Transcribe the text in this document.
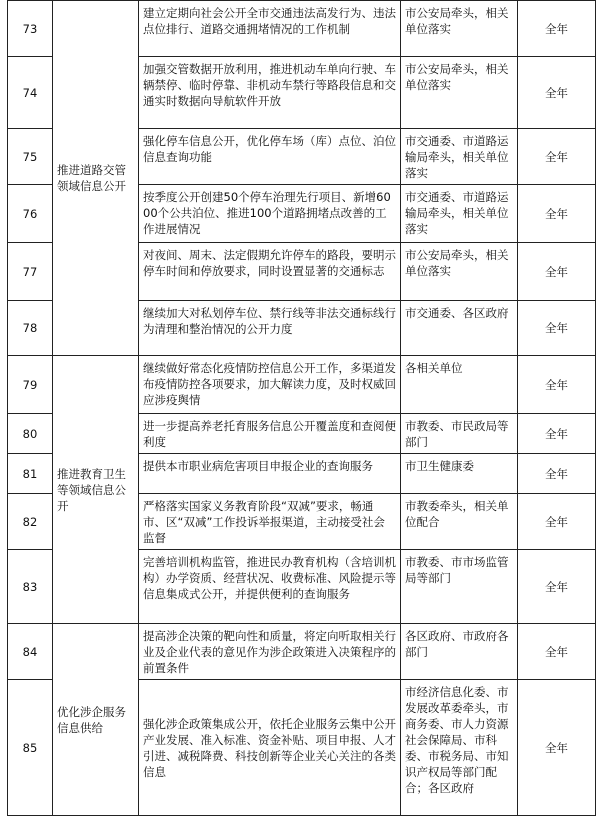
73	推进道路交管领域信息公开	建立定期向社会公开全市交通违法高发行为、违法点位排行、道路交通拥堵情况的工作机制	市公安局牵头，相关单位落实	全年
74		加强交管数据开放利用，推进机动车单向行驶、车辆禁停、临时停靠、非机动车禁行等路段信息和交通实时数据向导航软件开放	市公安局牵头，相关单位落实	全年
75		强化停车信息公开，优化停车场（库）点位、泊位信息查询功能	市交通委、市道路运输局牵头，相关单位落实	全年
76		按季度公开创建50个停车治理先行项目、新增6000个公共泊位、推进100个道路拥堵点改善的工作进展情况	市交通委、市道路运输局牵头，相关单位落实	全年
77		对夜间、周末、法定假期允许停车的路段，要明示停车时间和停放要求，同时设置显著的交通标志	市公安局牵头，相关单位落实	全年
78		继续加大对私划停车位、禁行线等非法交通标线行为清理和整治情况的公开力度	市交通委、各区政府	全年
79	推进教育卫生等领域信息公开	继续做好常态化疫情防控信息公开工作，多渠道发布疫情防控各项要求，加大解读力度，及时权威回应涉疫舆情	各相关单位	全年
80		进一步提高养老托育服务信息公开覆盖度和查阅便利度	市教委、市民政局等部门	全年
81		提供本市职业病危害项目申报企业的查询服务	市卫生健康委	全年
82		严格落实国家义务教育阶段“双减”要求，畅通市、区“双减”工作投诉举报渠道，主动接受社会监督	市教委牵头，相关单位配合	全年
83		完善培训机构监管，推进民办教育机构（含培训机构）办学资质、经营状况、收费标准、风险提示等信息集成式公开，并提供便利的查询服务	市教委、市市场监管局等部门	全年
84	优化涉企服务信息供给	提高涉企决策的靶向性和质量，将定向听取相关行业及企业代表的意见作为涉企政策进入决策程序的前置条件	各区政府、市政府各部门	全年
85		强化涉企政策集成公开，依托企业服务云集中公开产业发展、准入标准、资金补贴、项目申报、人才引进、减税降费、科技创新等企业关心关注的各类信息	市经济信息化委、市发展改革委牵头，市商务委、市人力资源社会保障局、市科委、市税务局、市知识产权局等部门配合；各区政府	全年
